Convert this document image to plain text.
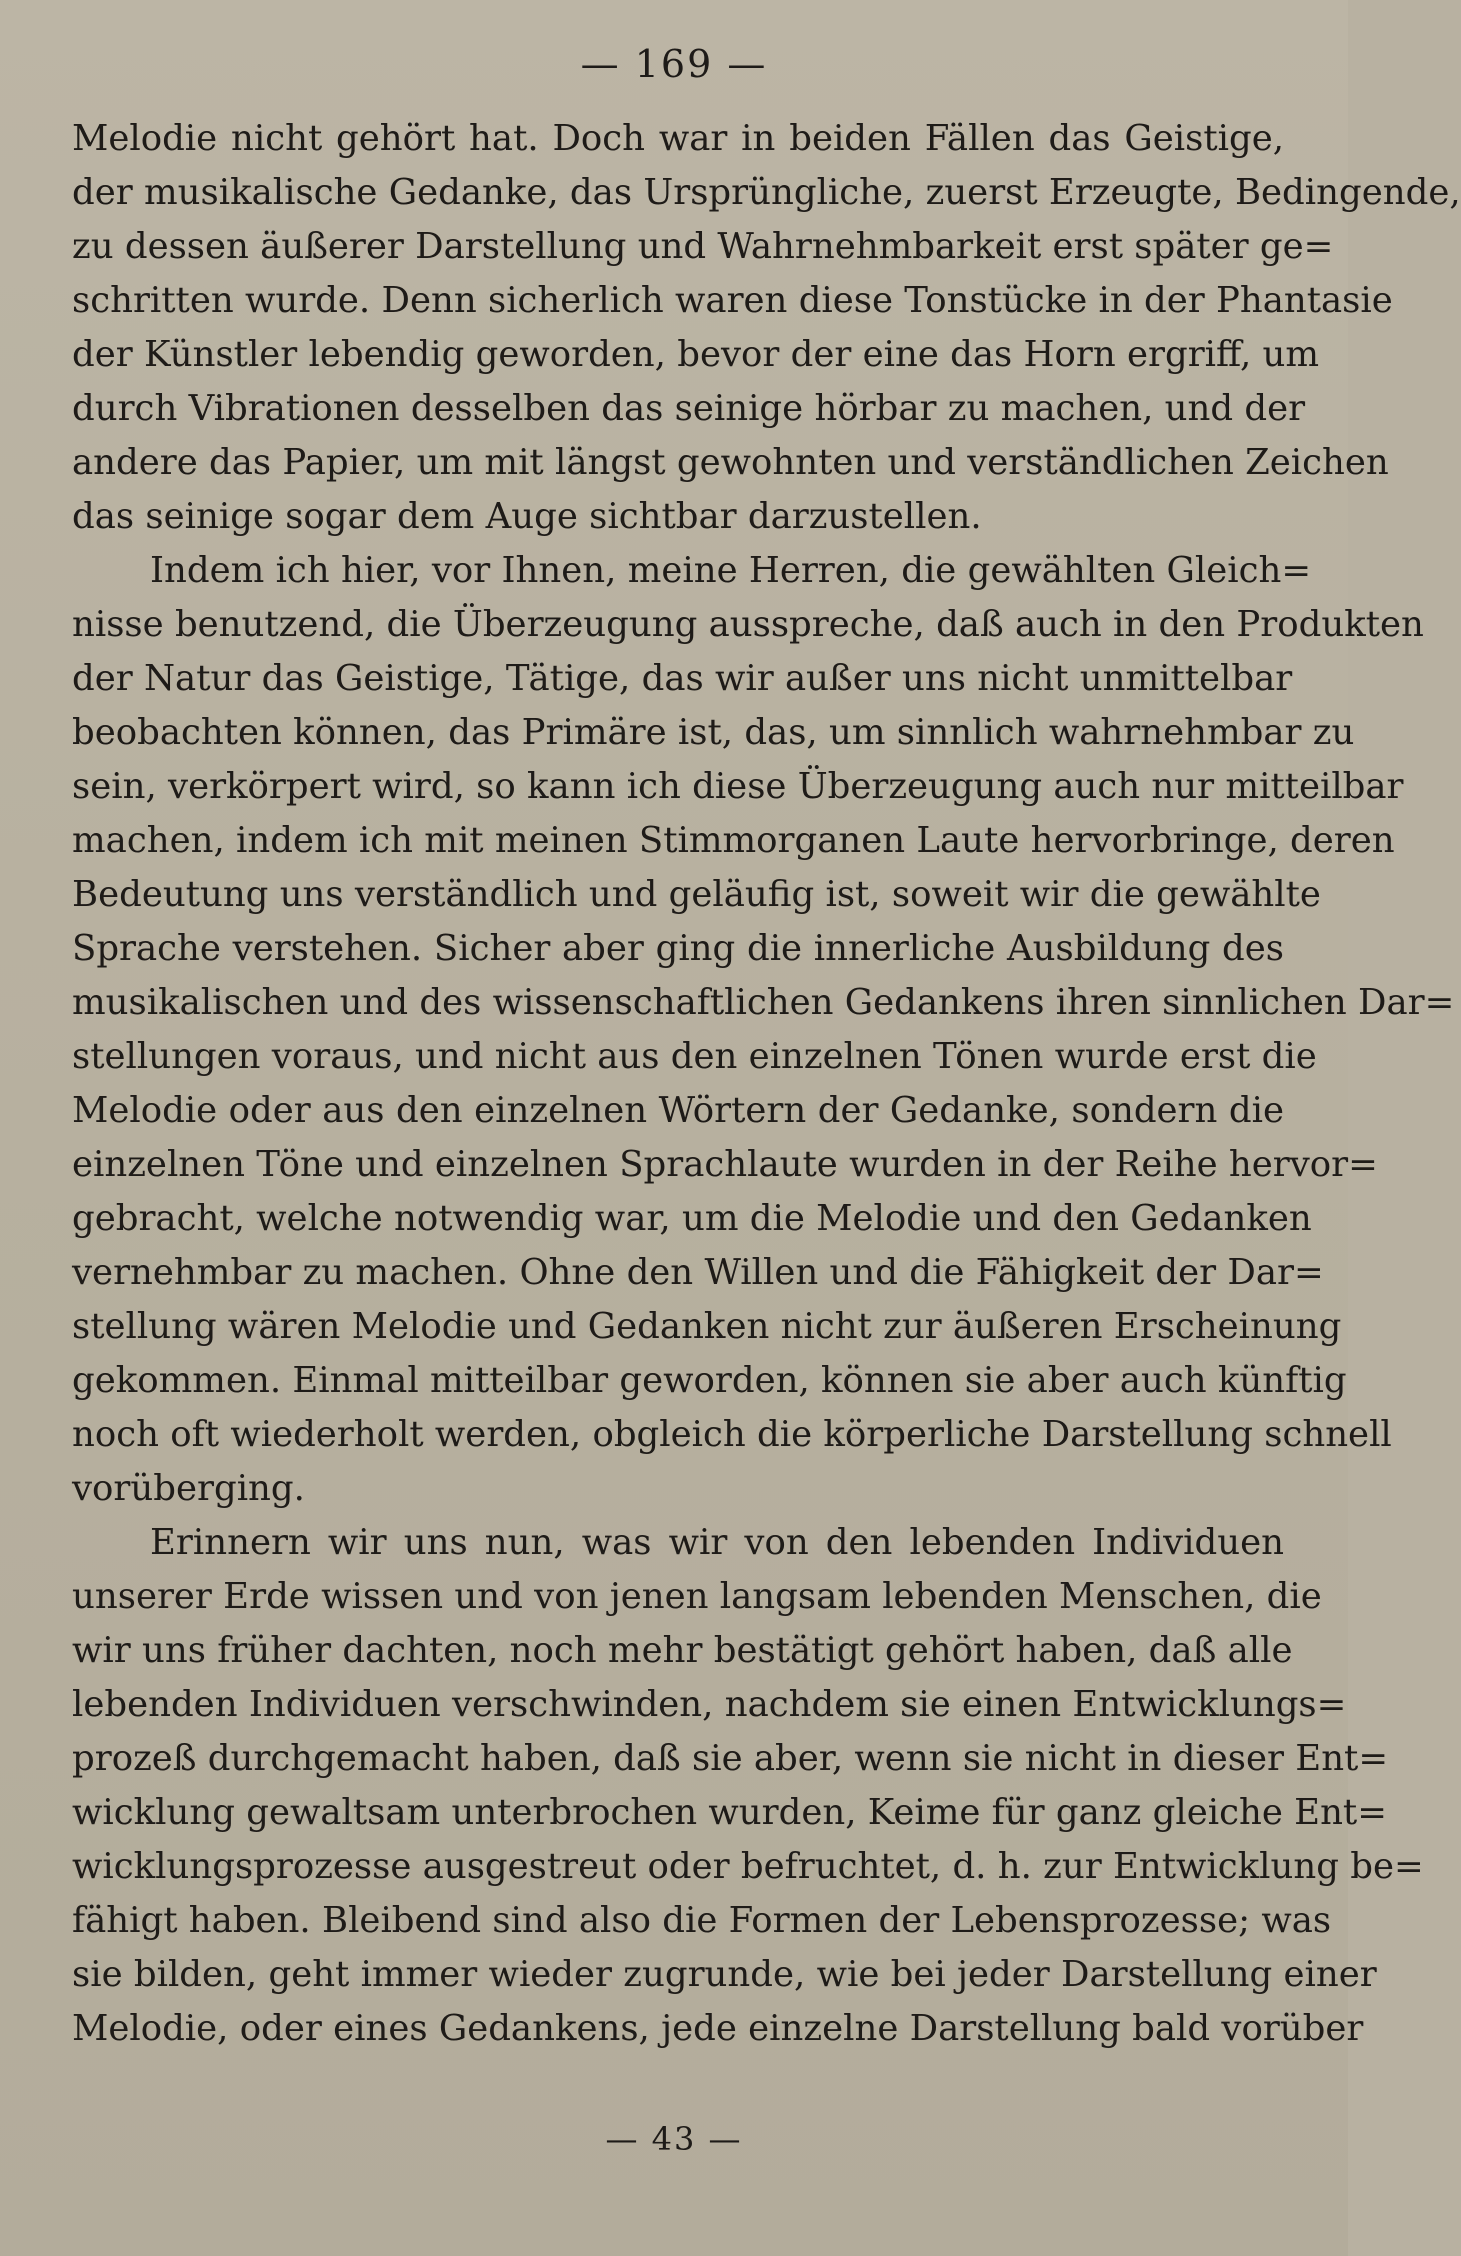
— 169 —
Melodie nicht gehört hat. Doch war in beiden Fällen das Geistige,
der musikalische Gedanke, das Ursprüngliche, zuerst Erzeugte, Bedingende,
zu dessen äußerer Darstellung und Wahrnehmbarkeit erst später ge=
schritten wurde. Denn sicherlich waren diese Tonstücke in der Phantasie
der Künstler lebendig geworden, bevor der eine das Horn ergriff, um
durch Vibrationen desselben das seinige hörbar zu machen, und der
andere das Papier, um mit längst gewohnten und verständlichen Zeichen
das seinige sogar dem Auge sichtbar darzustellen.
Indem ich hier, vor Ihnen, meine Herren, die gewählten Gleich=
nisse benutzend, die Überzeugung ausspreche, daß auch in den Produkten
der Natur das Geistige, Tätige, das wir außer uns nicht unmittelbar
beobachten können, das Primäre ist, das, um sinnlich wahrnehmbar zu
sein, verkörpert wird, so kann ich diese Überzeugung auch nur mitteilbar
machen, indem ich mit meinen Stimmorganen Laute hervorbringe, deren
Bedeutung uns verständlich und geläufig ist, soweit wir die gewählte
Sprache verstehen. Sicher aber ging die innerliche Ausbildung des
musikalischen und des wissenschaftlichen Gedankens ihren sinnlichen Dar=
stellungen voraus, und nicht aus den einzelnen Tönen wurde erst die
Melodie oder aus den einzelnen Wörtern der Gedanke, sondern die
einzelnen Töne und einzelnen Sprachlaute wurden in der Reihe hervor=
gebracht, welche notwendig war, um die Melodie und den Gedanken
vernehmbar zu machen. Ohne den Willen und die Fähigkeit der Dar=
stellung wären Melodie und Gedanken nicht zur äußeren Erscheinung
gekommen. Einmal mitteilbar geworden, können sie aber auch künftig
noch oft wiederholt werden, obgleich die körperliche Darstellung schnell
vorüberging.
Erinnern wir uns nun, was wir von den lebenden Individuen
unserer Erde wissen und von jenen langsam lebenden Menschen, die
wir uns früher dachten, noch mehr bestätigt gehört haben, daß alle
lebenden Individuen verschwinden, nachdem sie einen Entwicklungs=
prozeß durchgemacht haben, daß sie aber, wenn sie nicht in dieser Ent=
wicklung gewaltsam unterbrochen wurden, Keime für ganz gleiche Ent=
wicklungsprozesse ausgestreut oder befruchtet, d. h. zur Entwicklung be=
fähigt haben. Bleibend sind also die Formen der Lebensprozesse; was
sie bilden, geht immer wieder zugrunde, wie bei jeder Darstellung einer
Melodie, oder eines Gedankens, jede einzelne Darstellung bald vorüber
— 43 —
